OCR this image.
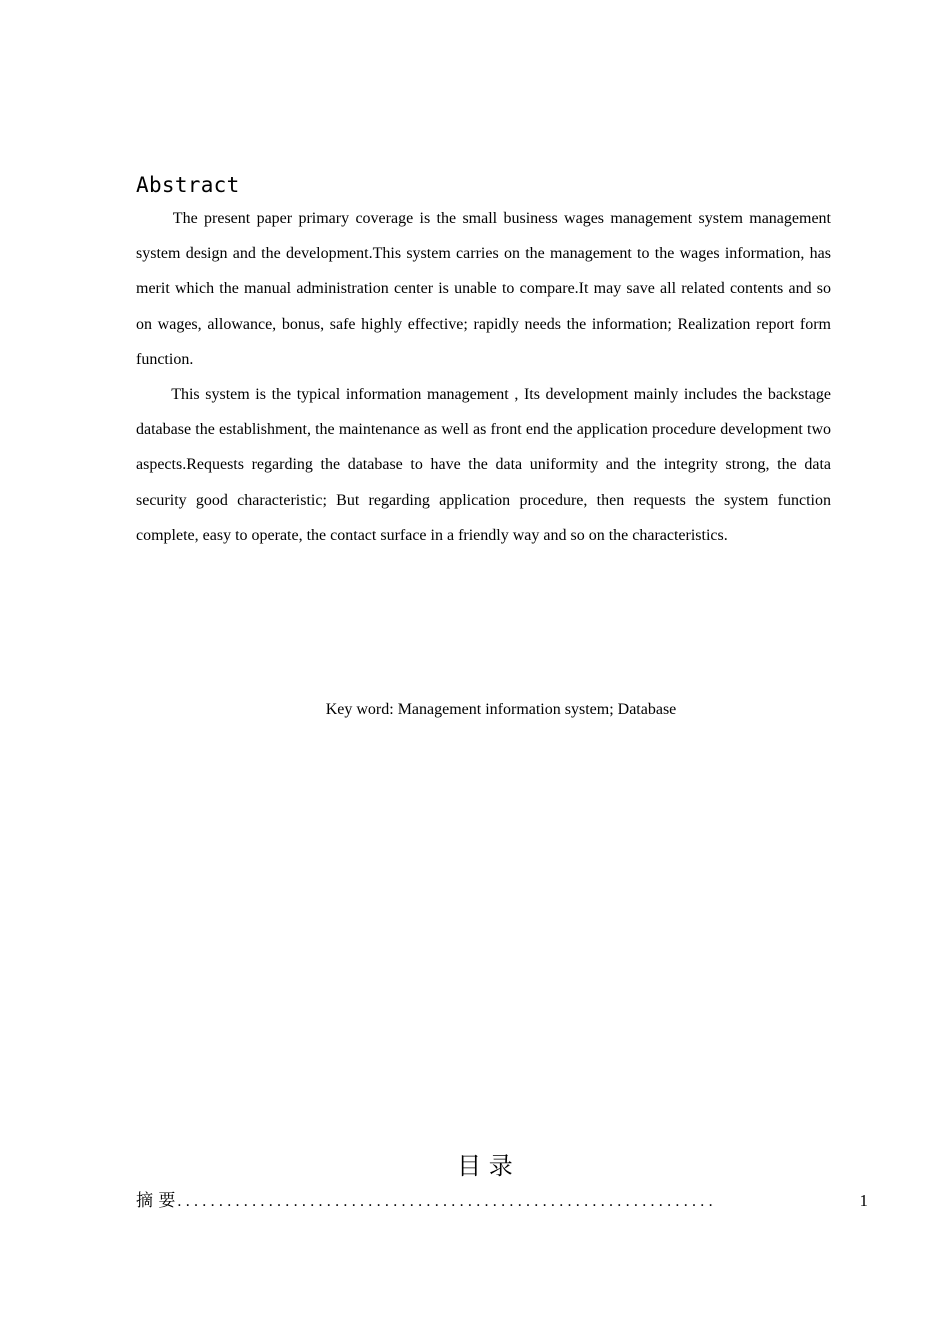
Abstract

The present paper primary coverage is the small business wages management system management system design and the development.This system carries on the management to the wages information, has merit which the manual administration center is unable to compare.It may save all related contents and so on wages, allowance, bonus, safe highly effective; rapidly needs the information; Realization report form function.

This system is the typical information management , Its development mainly includes the backstage database the establishment, the maintenance as well as front end the application procedure development two aspects.Requests regarding the database to have the data uniformity and the integrity strong, the data security good characteristic; But regarding application procedure, then requests the system function complete, easy to operate, the contact surface in a friendly way and so on the characteristics.

Key word: Management information system; Database
目 录
摘 要 .................................................................	1
